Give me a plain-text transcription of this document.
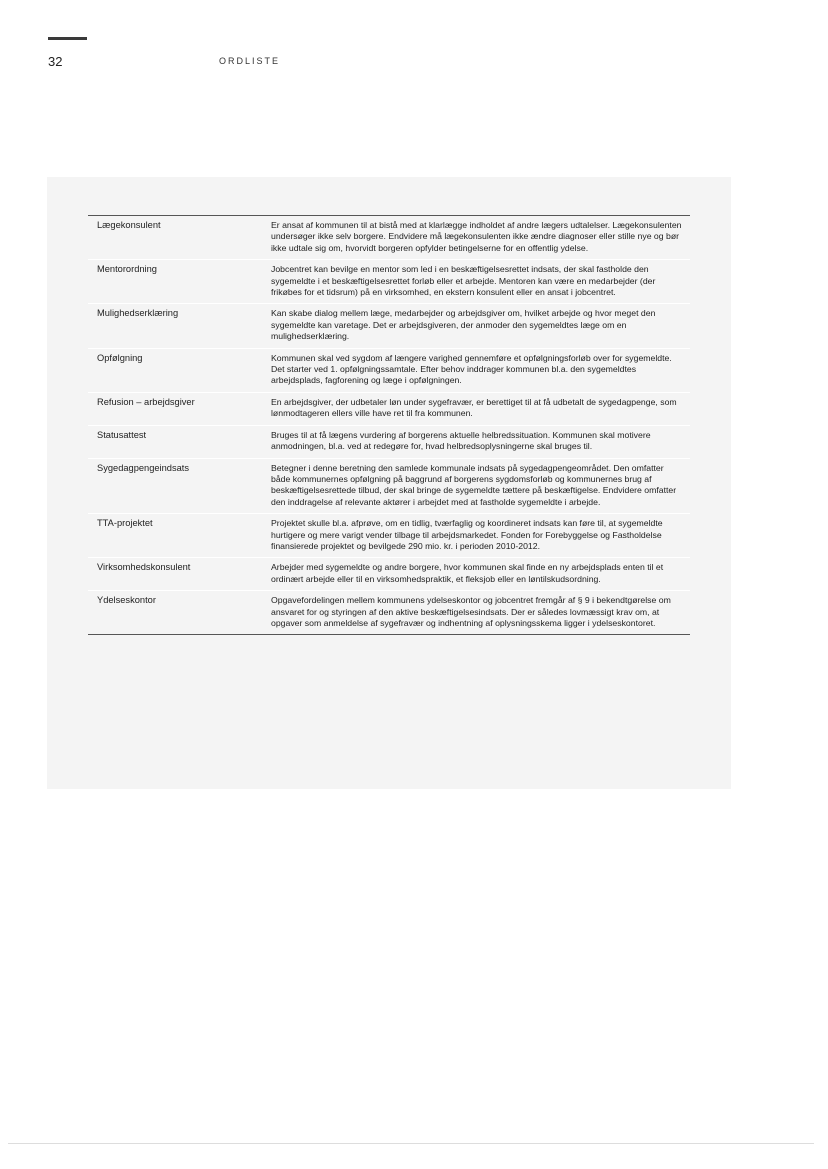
32	ORDLISTE
Lægekonsulent	Er ansat af kommunen til at bistå med at klarlægge indholdet af andre lægers udtalelser. Lægekonsulenten undersøger ikke selv borgere. Endvidere må lægekonsulenten ikke ændre diagnoser eller stille nye og bør ikke udtale sig om, hvorvidt borgeren opfylder betingelserne for en offentlig ydelse.
Mentorordning	Jobcentret kan bevilge en mentor som led i en beskæftigelsesrettet indsats, der skal fastholde den sygemeldte i et beskæftigelsesrettet forløb eller et arbejde. Mentoren kan være en medarbejder (der frikøbes for et tidsrum) på en virksomhed, en ekstern konsulent eller en ansat i jobcentret.
Mulighedserklæring	Kan skabe dialog mellem læge, medarbejder og arbejdsgiver om, hvilket arbejde og hvor meget den sygemeldte kan varetage. Det er arbejdsgiveren, der anmoder den sygemeldtes læge om en mulighedserklæring.
Opfølgning	Kommunen skal ved sygdom af længere varighed gennemføre et opfølgningsforløb over for sygemeldte. Det starter ved 1. opfølgningssamtale. Efter behov inddrager kommunen bl.a. den sygemeldtes arbejdsplads, fagforening og læge i opfølgningen.
Refusion – arbejdsgiver	En arbejdsgiver, der udbetaler løn under sygefravær, er berettiget til at få udbetalt de sygedagpenge, som lønmodtageren ellers ville have ret til fra kommunen.
Statusattest	Bruges til at få lægens vurdering af borgerens aktuelle helbredssituation. Kommunen skal motivere anmodningen, bl.a. ved at redegøre for, hvad helbredsoplysningerne skal bruges til.
Sygedagpengeindsats	Betegner i denne beretning den samlede kommunale indsats på sygedagpengeområdet. Den omfatter både kommunernes opfølgning på baggrund af borgerens sygdomsforløb og kommunernes brug af beskæftigelsesrettede tilbud, der skal bringe de sygemeldte tættere på beskæftigelse. Endvidere omfatter den inddragelse af relevante aktører i arbejdet med at fastholde sygemeldte i arbejde.
TTA-projektet	Projektet skulle bl.a. afprøve, om en tidlig, tværfaglig og koordineret indsats kan føre til, at sygemeldte hurtigere og mere varigt vender tilbage til arbejdsmarkedet. Fonden for Forebyggelse og Fastholdelse finansierede projektet og bevilgede 290 mio. kr. i perioden 2010-2012.
Virksomhedskonsulent	Arbejder med sygemeldte og andre borgere, hvor kommunen skal finde en ny arbejdsplads enten til et ordinært arbejde eller til en virksomhedspraktik, et fleksjob eller en løntilskudsordning.
Ydelseskontor	Opgavefordelingen mellem kommunens ydelseskontor og jobcentret fremgår af § 9 i bekendtgørelse om ansvaret for og styringen af den aktive beskæftigelsesindsats. Der er således lovmæssigt krav om, at opgaver som anmeldelse af sygefravær og indhentning af oplysningsskema ligger i ydelseskontoret.
